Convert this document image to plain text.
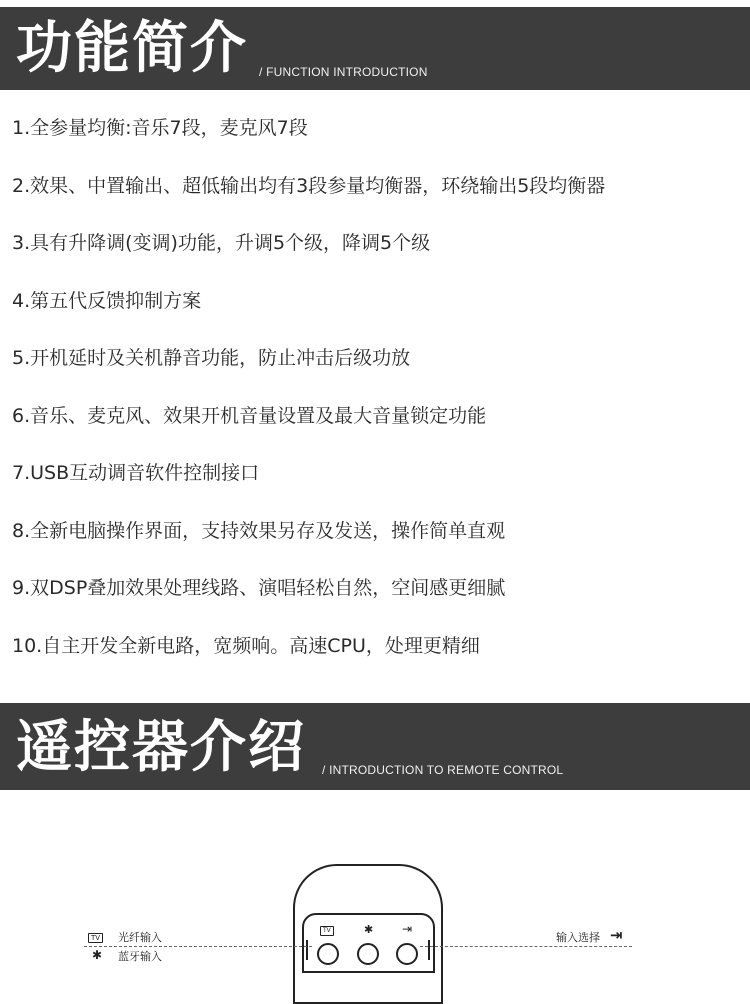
功能简介 / FUNCTION INTRODUCTION
1.全参量均衡:音乐7段，麦克风7段
2.效果、中置输出、超低输出均有3段参量均衡器，环绕输出5段均衡器
3.具有升降调(变调)功能，升调5个级，降调5个级
4.第五代反馈抑制方案
5.开机延时及关机静音功能，防止冲击后级功放
6.音乐、麦克风、效果开机音量设置及最大音量锁定功能
7.USB互动调音软件控制接口
8.全新电脑操作界面，支持效果另存及发送，操作简单直观
9.双DSP叠加效果处理线路、演唱轻松自然，空间感更细腻
10.自主开发全新电路，宽频响。高速CPU，处理更精细
遥控器介绍 / INTRODUCTION TO REMOTE CONTROL
TV	✱ ⇥
TV 光纤输入
✱ 蓝牙输入
输入选择 ⇥
